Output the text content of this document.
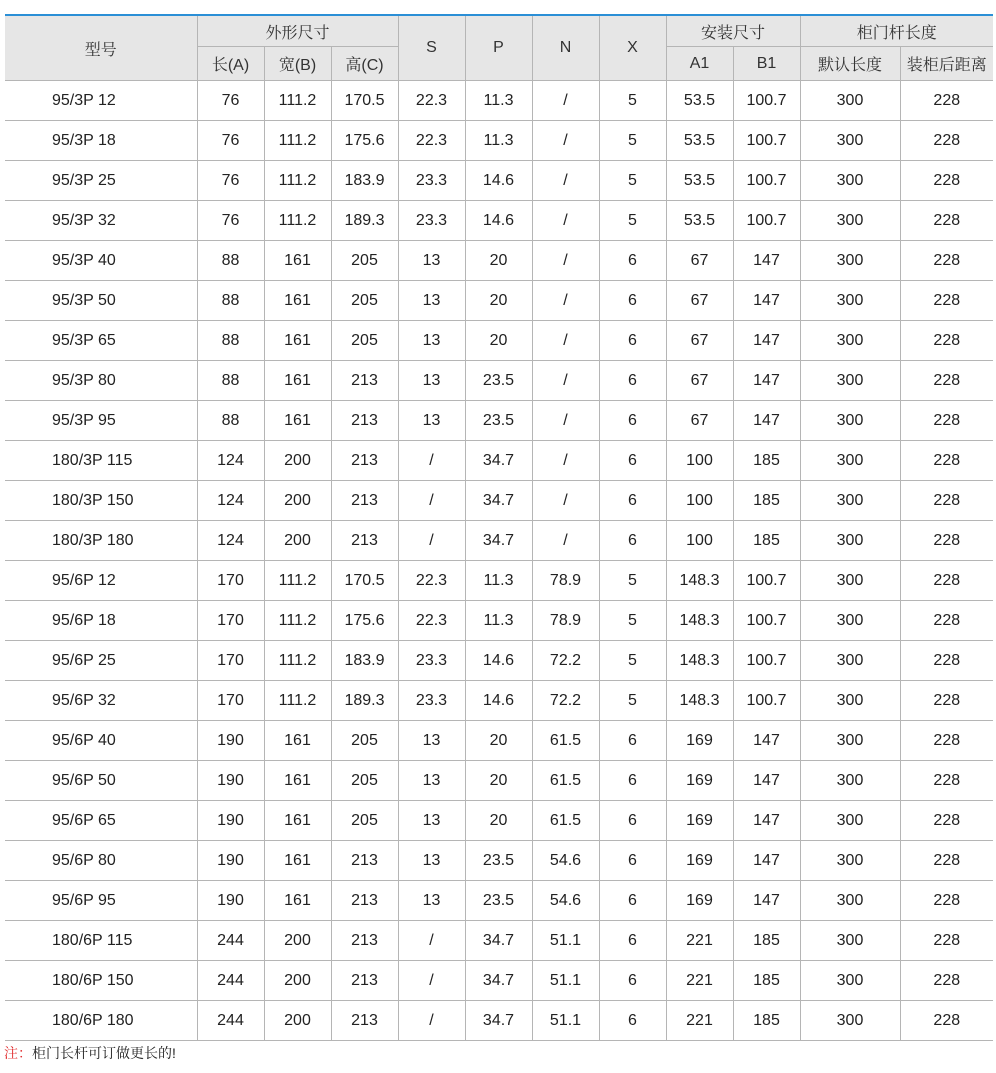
型号	外形尺寸			S	P	N	X	安装尺寸		柜门杆长度	
	长(A)	宽(B)	高(C)					A1	B1	默认长度	装柜后距离
95/3P 12	76	111.2	170.5	22.3	11.3	/	5	53.5	100.7	300	228
95/3P 18	76	111.2	175.6	22.3	11.3	/	5	53.5	100.7	300	228
95/3P 25	76	111.2	183.9	23.3	14.6	/	5	53.5	100.7	300	228
95/3P 32	76	111.2	189.3	23.3	14.6	/	5	53.5	100.7	300	228
95/3P 40	88	161	205	13	20	/	6	67	147	300	228
95/3P 50	88	161	205	13	20	/	6	67	147	300	228
95/3P 65	88	161	205	13	20	/	6	67	147	300	228
95/3P 80	88	161	213	13	23.5	/	6	67	147	300	228
95/3P 95	88	161	213	13	23.5	/	6	67	147	300	228
180/3P 115	124	200	213	/	34.7	/	6	100	185	300	228
180/3P 150	124	200	213	/	34.7	/	6	100	185	300	228
180/3P 180	124	200	213	/	34.7	/	6	100	185	300	228
95/6P 12	170	111.2	170.5	22.3	11.3	78.9	5	148.3	100.7	300	228
95/6P 18	170	111.2	175.6	22.3	11.3	78.9	5	148.3	100.7	300	228
95/6P 25	170	111.2	183.9	23.3	14.6	72.2	5	148.3	100.7	300	228
95/6P 32	170	111.2	189.3	23.3	14.6	72.2	5	148.3	100.7	300	228
95/6P 40	190	161	205	13	20	61.5	6	169	147	300	228
95/6P 50	190	161	205	13	20	61.5	6	169	147	300	228
95/6P 65	190	161	205	13	20	61.5	6	169	147	300	228
95/6P 80	190	161	213	13	23.5	54.6	6	169	147	300	228
95/6P 95	190	161	213	13	23.5	54.6	6	169	147	300	228
180/6P 115	244	200	213	/	34.7	51.1	6	221	185	300	228
180/6P 150	244	200	213	/	34.7	51.1	6	221	185	300	228
180/6P 180	244	200	213	/	34.7	51.1	6	221	185	300	228
注：柜门长杆可订做更长的!
